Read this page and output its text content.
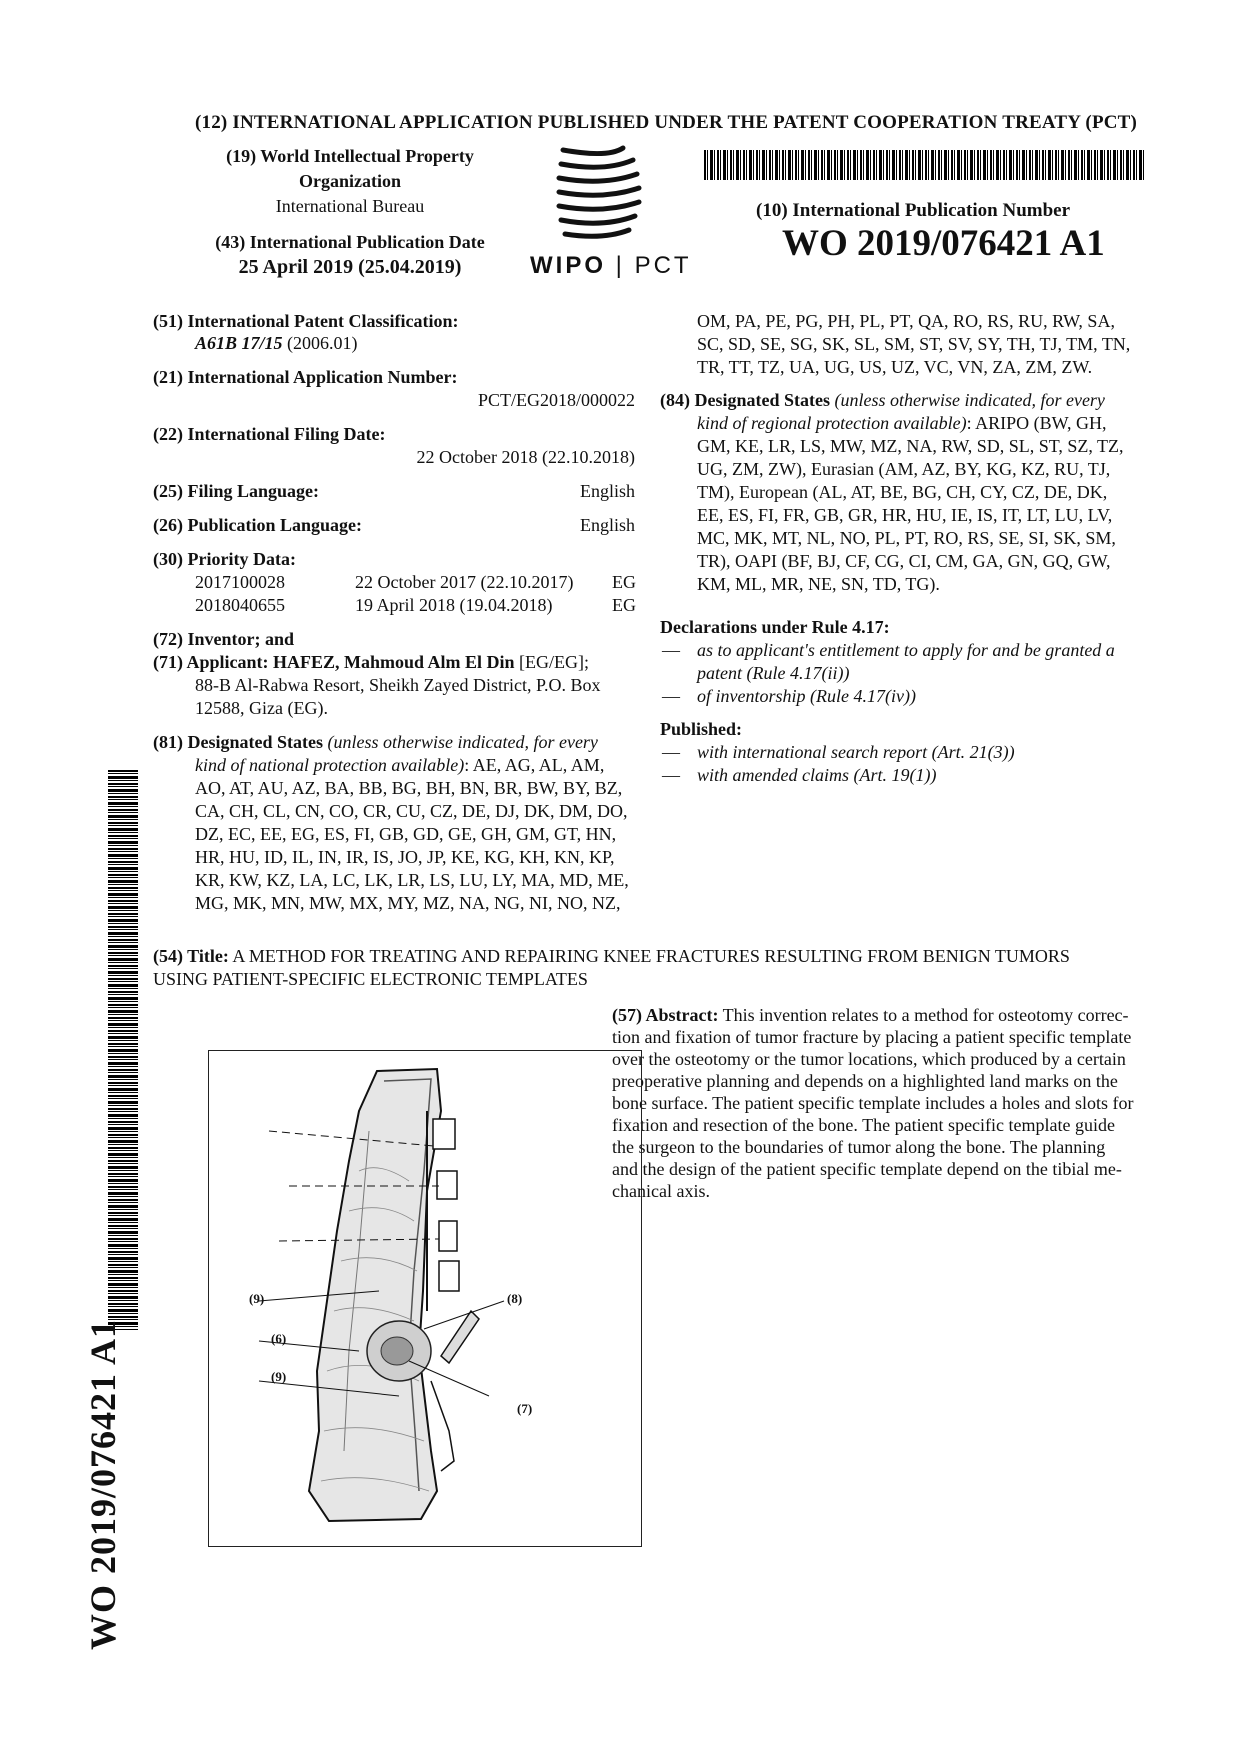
(12) INTERNATIONAL APPLICATION PUBLISHED UNDER THE PATENT COOPERATION TREATY (PCT)
(19) World Intellectual Property
Organization
International Bureau
(43) International Publication Date
25 April 2019 (25.04.2019)	WIPO | PCT
(10) International Publication Number
WO 2019/076421 A1
(51) International Patent Classification:
A61B 17/15 (2006.01)
(21) International Application Number:
PCT/EG2018/000022
(22) International Filing Date:
22 October 2018 (22.10.2018)
(25) Filing Language:	English
(26) Publication Language:	English
(30) Priority Data:
2017100028	22 October 2017 (22.10.2017) EG
2018040655	19 April 2018 (19.04.2018)	EG
(72) Inventor; and
(71) Applicant: HAFEZ, Mahmoud Alm El Din [EG/EG];
88-B Al-Rabwa Resort, Sheikh Zayed District, P.O. Box
12588, Giza (EG).
(81) Designated States (unless otherwise indicated, for every
kind of national protection available): AE, AG, AL, AM,
AO, AT, AU, AZ, BA, BB, BG, BH, BN, BR, BW, BY, BZ,
CA, CH, CL, CN, CO, CR, CU, CZ, DE, DJ, DK, DM, DO,
DZ, EC, EE, EG, ES, FI, GB, GD, GE, GH, GM, GT, HN,
HR, HU, ID, IL, IN, IR, IS, JO, JP, KE, KG, KH, KN, KP,
KR, KW, KZ, LA, LC, LK, LR, LS, LU, LY, MA, MD, ME,
MG, MK, MN, MW, MX, MY, MZ, NA, NG, NI, NO, NZ,
OM, PA, PE, PG, PH, PL, PT, QA, RO, RS, RU, RW, SA,
SC, SD, SE, SG, SK, SL, SM, ST, SV, SY, TH, TJ, TM, TN,
TR, TT, TZ, UA, UG, US, UZ, VC, VN, ZA, ZM, ZW.
(84) Designated States (unless otherwise indicated, for every
kind of regional protection available): ARIPO (BW, GH,
GM, KE, LR, LS, MW, MZ, NA, RW, SD, SL, ST, SZ, TZ,
UG, ZM, ZW), Eurasian (AM, AZ, BY, KG, KZ, RU, TJ,
TM), European (AL, AT, BE, BG, CH, CY, CZ, DE, DK,
EE, ES, FI, FR, GB, GR, HR, HU, IE, IS, IT, LT, LU, LV,
MC, MK, MT, NL, NO, PL, PT, RO, RS, SE, SI, SK, SM,
TR), OAPI (BF, BJ, CF, CG, CI, CM, GA, GN, GQ, GW,
KM, ML, MR, NE, SN, TD, TG).
Declarations under Rule 4.17:
— as to applicant's entitlement to apply for and be granted a
patent (Rule 4.17(ii))
— of inventorship (Rule 4.17(iv))
Published:
— with international search report (Art. 21(3))
— with amended claims (Art. 19(1))
(54) Title: A METHOD FOR TREATING AND REPAIRING KNEE FRACTURES RESULTING FROM BENIGN TUMORS
USING PATIENT-SPECIFIC ELECTRONIC TEMPLATES
(57) Abstract: This invention relates to a method for osteotomy correc-
tion and fixation of tumor fracture by placing a patient specific template
over the osteotomy or the tumor locations, which produced by a certain
preoperative planning and depends on a highlighted land marks on the
bone surface. The patient specific template includes a holes and slots for
fixation and resection of the bone. The patient specific template guide
the surgeon to the boundaries of tumor along the bone. The planning
and the design of the patient specific template depend on the tibial me-
chanical axis.
(9)	(8)
(6)
(9)
(7)
WO 2019/076421 A1
